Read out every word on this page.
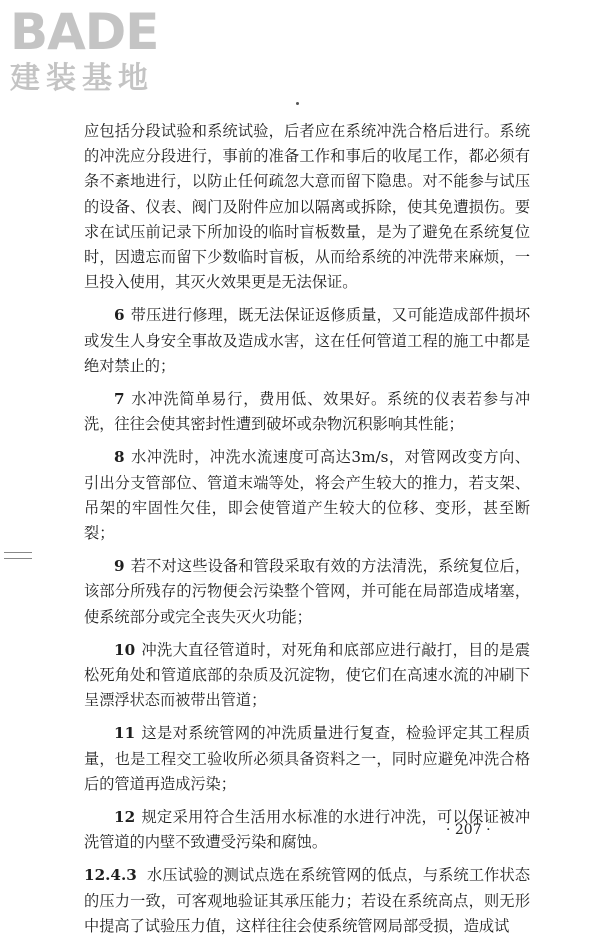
BADE
建装基地

应包括分段试验和系统试验，后者应在系统冲洗合格后进行。系统的冲洗应分段进行，事前的准备工作和事后的收尾工作，都必须有条不紊地进行，以防止任何疏忽大意而留下隐患。对不能参与试压的设备、仪表、阀门及附件应加以隔离或拆除，使其免遭损伤。要求在试压前记录下所加设的临时盲板数量，是为了避免在系统复位时，因遗忘而留下少数临时盲板，从而给系统的冲洗带来麻烦，一旦投入使用，其灭火效果更是无法保证。

6 带压进行修理，既无法保证返修质量，又可能造成部件损坏或发生人身安全事故及造成水害，这在任何管道工程的施工中都是绝对禁止的；

7 水冲洗简单易行，费用低、效果好。系统的仪表若参与冲洗，往往会使其密封性遭到破坏或杂物沉积影响其性能；

8 水冲洗时，冲洗水流速度可高达3m/s，对管网改变方向、引出分支管部位、管道末端等处，将会产生较大的推力，若支架、吊架的牢固性欠佳，即会使管道产生较大的位移、变形，甚至断裂；

9 若不对这些设备和管段采取有效的方法清洗，系统复位后，该部分所残存的污物便会污染整个管网，并可能在局部造成堵塞，使系统部分或完全丧失灭火功能；

10 冲洗大直径管道时，对死角和底部应进行敲打，目的是震松死角处和管道底部的杂质及沉淀物，使它们在高速水流的冲刷下呈漂浮状态而被带出管道；

11 这是对系统管网的冲洗质量进行复查，检验评定其工程质量，也是工程交工验收所必须具备资料之一，同时应避免冲洗合格后的管道再造成污染；

12 规定采用符合生活用水标准的水进行冲洗，可以保证被冲洗管道的内壁不致遭受污染和腐蚀。

12.4.3 水压试验的测试点选在系统管网的低点，与系统工作状态的压力一致，可客观地验证其承压能力；若设在系统高点，则无形中提高了试验压力值，这样往往会使系统管网局部受损，造成试

· 207 ·
